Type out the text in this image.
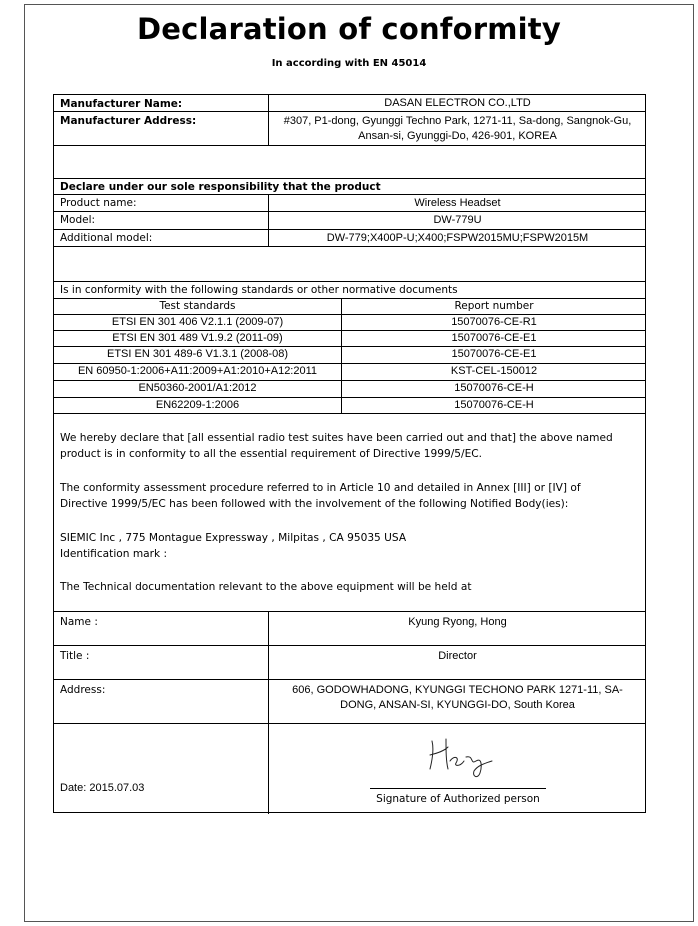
Declaration of conformity
In according with EN 45014
Manufacturer Name:	DASAN ELECTRON CO.,LTD
Manufacturer Address:	#307, P1-dong, Gyunggi Techno Park, 1271-11, Sa-dong, Sangnok-Gu,
Ansan-si, Gyunggi-Do, 426-901, KOREA
Declare under our sole responsibility that the product
Product name:	Wireless Headset
Model:	DW-779U
Additional model:	DW-779;X400P-U;X400;FSPW2015MU;FSPW2015M
Is in conformity with the following standards or other normative documents
Test standards	Report number
ETSI EN 301 406 V2.1.1 (2009-07)	15070076-CE-R1
ETSI EN 301 489 V1.9.2 (2011-09)	15070076-CE-E1
ETSI EN 301 489-6 V1.3.1 (2008-08)	15070076-CE-E1
EN 60950-1:2006+A11:2009+A1:2010+A12:2011	KST-CEL-150012
EN50360-2001/A1:2012	15070076-CE-H
EN62209-1:2006	15070076-CE-H
We hereby declare that [all essential radio test suites have been carried out and that] the above named
product is in conformity to all the essential requirement of Directive 1999/5/EC.
The conformity assessment procedure referred to in Article 10 and detailed in Annex [III] or [IV] of
Directive 1999/5/EC has been followed with the involvement of the following Notified Body(ies):
SIEMIC Inc , 775 Montague Expressway , Milpitas , CA 95035 USA
Identification mark :
The Technical documentation relevant to the above equipment will be held at
Name :	Kyung Ryong, Hong
Title :	Director
Address:	606, GODOWHADONG, KYUNGGI TECHONO PARK 1271-11, SA-
DONG, ANSAN-SI, KYUNGGI-DO, South Korea
Date: 2015.07.03
Signature of Authorized person
